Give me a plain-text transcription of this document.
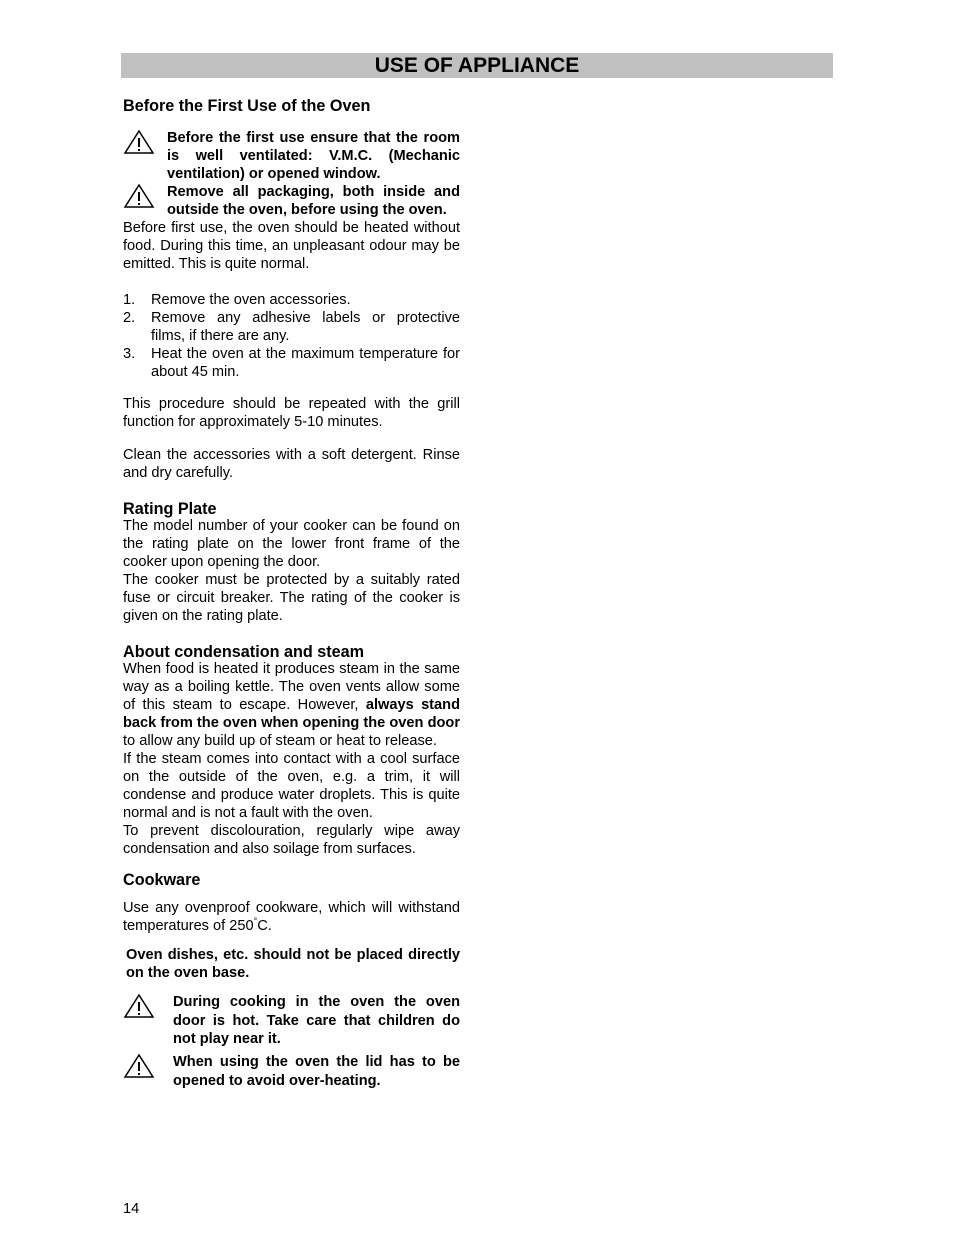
USE OF APPLIANCE
Before the First Use of the Oven
Before the first use ensure that the room is well ventilated: V.M.C. (Mechanic ventilation) or opened window.
Remove all packaging, both inside and outside the oven, before using the oven.

Before first use, the oven should be heated without food. During this time, an unpleasant odour may be emitted. This is quite normal.

1.	Remove the oven accessories.
2.	Remove any adhesive labels or protective films, if there are any.
3.	Heat the oven at the maximum temperature for about 45 min.

This procedure should be repeated with the grill function for approximately 5-10 minutes.

Clean the accessories with a soft detergent. Rinse and dry carefully.

Rating Plate

The model number of your cooker can be found on the rating plate on the lower front frame of the cooker upon opening the door.

The cooker must be protected by a suitably rated fuse or circuit breaker. The rating of the cooker is given on the rating plate.

About condensation and steam

When food is heated it produces steam in the same way as a boiling kettle. The oven vents allow some of this steam to escape. However, always stand back from the oven when opening the oven door to allow any build up of steam or heat to release.

If the steam comes into contact with a cool surface on the outside of the oven, e.g. a trim, it will condense and produce water droplets. This is quite normal and is not a fault with the oven.

To prevent discolouration, regularly wipe away condensation and also soilage from surfaces.

Cookware

Use any ovenproof cookware, which will withstand temperatures of 250°C.

Oven dishes, etc. should not be placed directly on the oven base.

During cooking in the oven the oven door is hot. Take care that children do not play near it.
When using the oven the lid has to be opened to avoid over-heating.
14
